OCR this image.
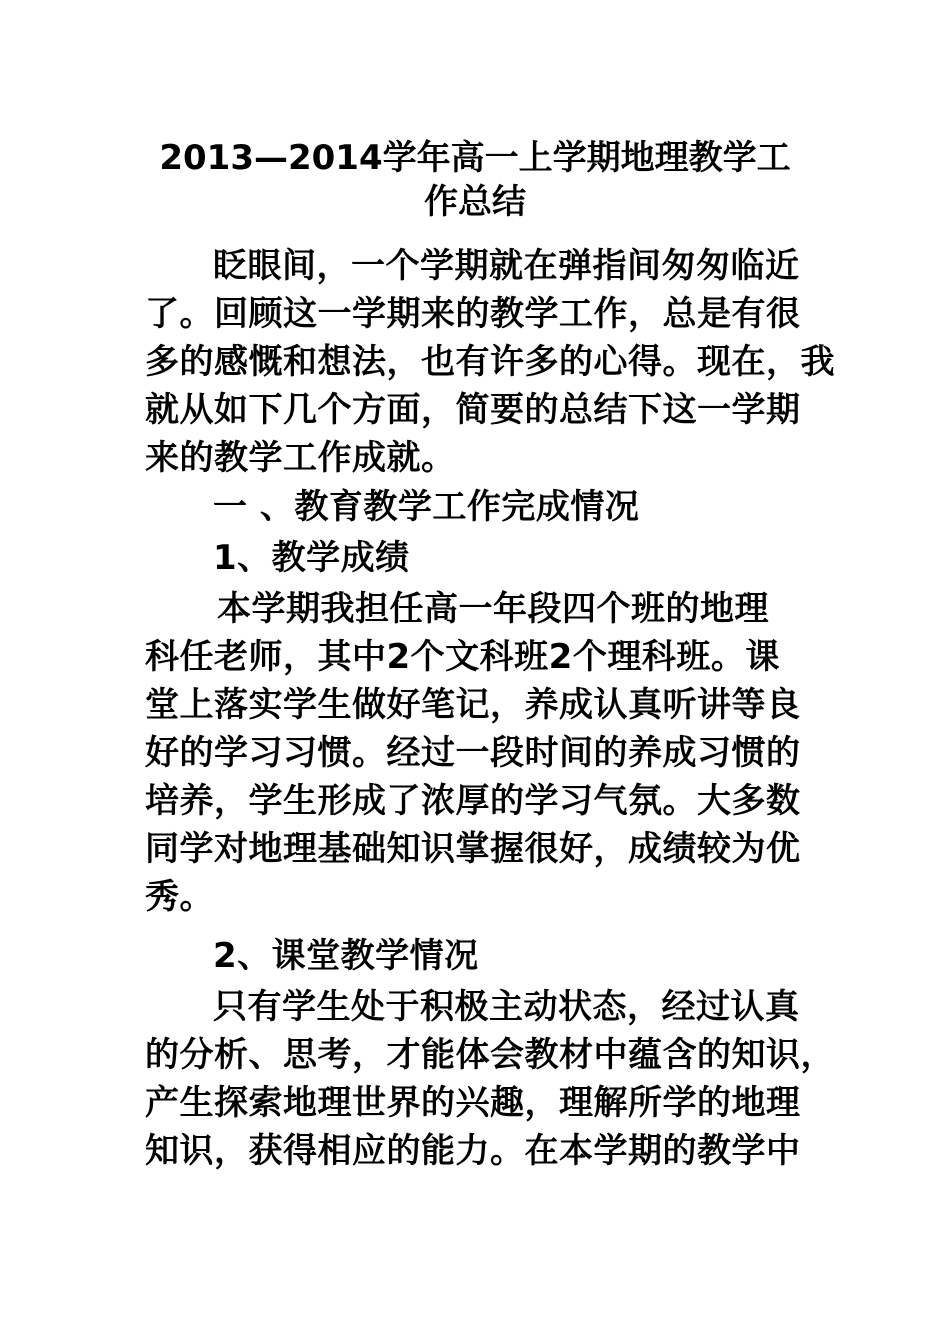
2013—2014学年高一上学期地理教学工
作总结
眨眼间，一个学期就在弹指间匆匆临近
了。回顾这一学期来的教学工作，总是有很
多的感慨和想法，也有许多的心得。现在，我
就从如下几个方面，简要的总结下这一学期
来的教学工作成就。
一 、教育教学工作完成情况
1、教学成绩
本学期我担任高一年段四个班的地理
科任老师，其中2个文科班2个理科班。课
堂上落实学生做好笔记，养成认真听讲等良
好的学习习惯。经过一段时间的养成习惯的
培养，学生形成了浓厚的学习气氛。大多数
同学对地理基础知识掌握很好，成绩较为优
秀。
2、课堂教学情况
只有学生处于积极主动状态，经过认真
的分析、思考，才能体会教材中蕴含的知识，
产生探索地理世界的兴趣，理解所学的地理
知识，获得相应的能力。在本学期的教学中
